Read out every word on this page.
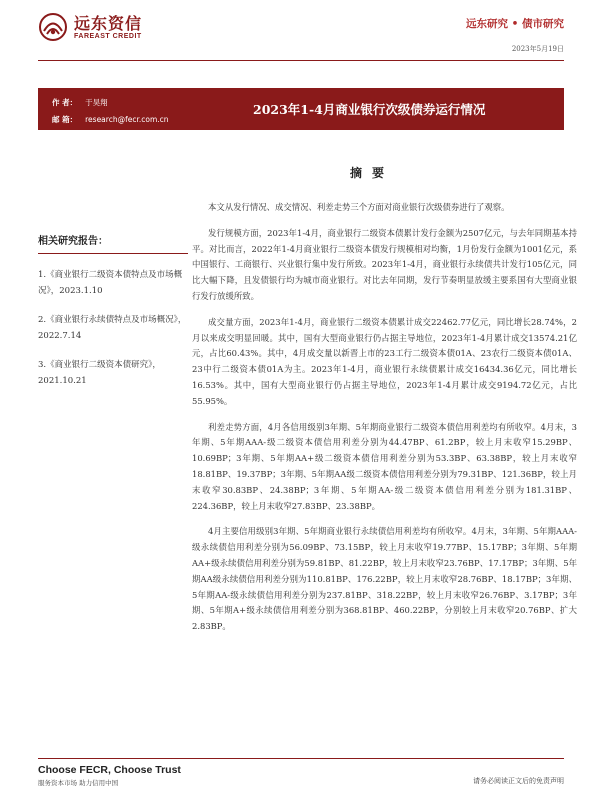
远东资信
FAREAST CREDIT
远东研究 • 债市研究
2023年5月19日
作 者： 于昊翔
邮 箱： research@fecr.com.cn
2023年1-4月商业银行次级债券运行情况
相关研究报告：
1.《商业银行二级资本债特点及市场概况》，2023.1.10
2.《商业银行永续债特点及市场概况》，2022.7.14
3.《商业银行二级资本债研究》，2021.10.21
摘要

本文从发行情况、成交情况、利差走势三个方面对商业银行次级债券进行了观察。

发行规模方面，2023年1-4月，商业银行二级资本债累计发行金额为2507亿元，与去年同期基本持平。对比而言，2022年1-4月商业银行二级资本债发行规模相对均衡，1月份发行金额为1001亿元，系中国银行、工商银行、兴业银行集中发行所致。2023年1-4月，商业银行永续债共计发行105亿元，同比大幅下降，且发债银行均为城市商业银行。对比去年同期，发行节奏明显放缓主要系国有大型商业银行发行放缓所致。

成交量方面，2023年1-4月，商业银行二级资本债累计成交22462.77亿元，同比增长28.74%，2月以来成交明显回暖。其中，国有大型商业银行仍占据主导地位，2023年1-4月累计成交13574.21亿元，占比60.43%。其中，4月成交量以新晋上市的23工行二级资本债01A、23农行二级资本债01A、23中行二级资本债01A为主。2023年1-4月，商业银行永续债累计成交16434.36亿元，同比增长16.53%。其中，国有大型商业银行仍占据主导地位，2023年1-4月累计成交9194.72亿元，占比55.95%。

利差走势方面，4月各信用级别3年期、5年期商业银行二级资本债信用利差均有所收窄。4月末，3年期、5年期AAA-级二级资本债信用利差分别为44.47BP、61.2BP，较上月末收窄15.29BP、10.69BP；3年期、5年期AA+级二级资本债信用利差分别为53.3BP、63.38BP，较上月末收窄18.81BP、19.37BP；3年期、5年期AA级二级资本债信用利差分别为79.31BP、121.36BP，较上月末收窄30.83BP、24.38BP；3年期、5年期AA-级二级资本债信用利差分别为181.31BP、224.36BP，较上月末收窄27.83BP、23.38BP。

4月主要信用级别3年期、5年期商业银行永续债信用利差均有所收窄。4月末，3年期、5年期AAA-级永续债信用利差分别为56.09BP、73.15BP，较上月末收窄19.77BP、15.17BP；3年期、5年期AA+级永续债信用利差分别为59.81BP、81.22BP，较上月末收窄23.76BP、17.17BP；3年期、5年期AA级永续债信用利差分别为110.81BP、176.22BP，较上月末收窄28.76BP、18.17BP；3年期、5年期AA-级永续债信用利差分别为237.81BP、318.22BP，较上月末收窄26.76BP、3.17BP；3年期、5年期A+级永续债信用利差分别为368.81BP、460.22BP，分别较上月末收窄20.76BP、扩大2.83BP。

Choose FECR, Choose Trust
服务资本市场 助力信用中国	请务必阅读正文后的免责声明
